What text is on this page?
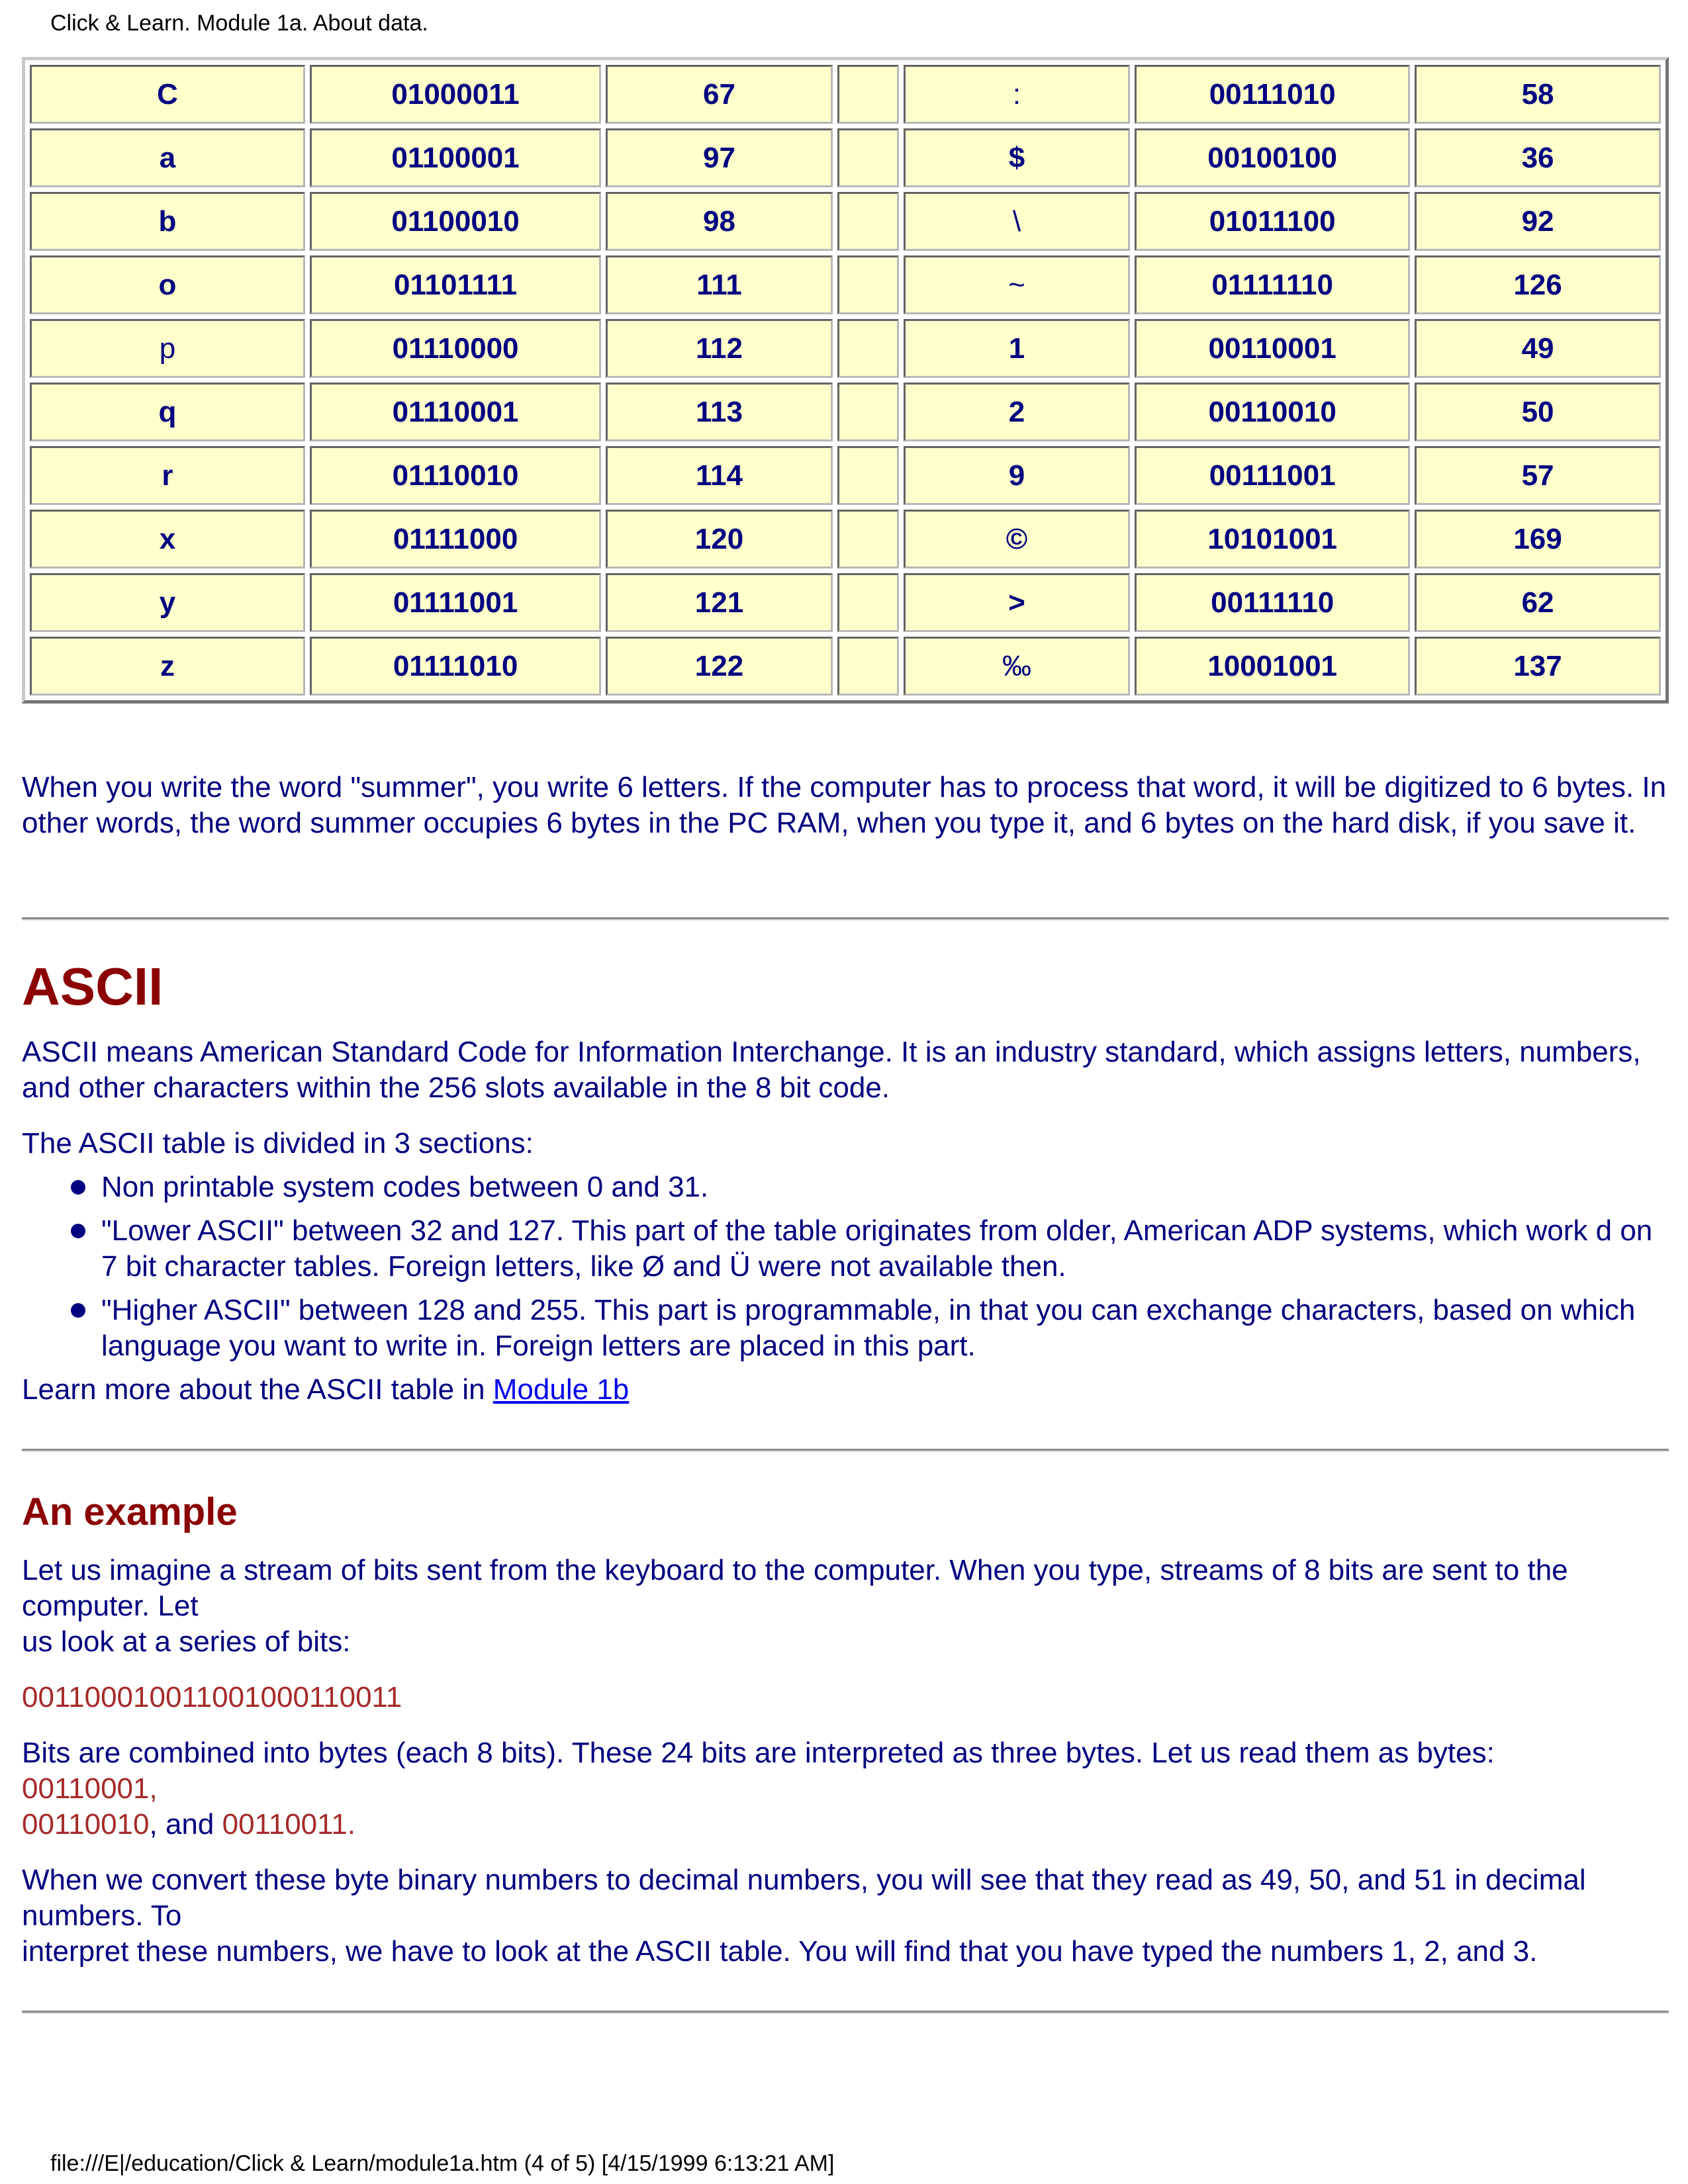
Click & Learn. Module 1a. About data.
C	01000011	67		:	00111010	58
a	01100001	97		$	00100100	36
b	01100010	98		\	01011100	92
o	01101111	111		~	01111110	126
p	01110000	112		1	00110001	49
q	01110001	113		2	00110010	50
r	01110010	114		9	00111001	57
x	01111000	120		©	10101001	169
y	01111001	121		>	00111110	62
z	01111010	122		‰	10001001	137

When you write the word "summer", you write 6 letters. If the computer has to process that word, it will be digitized to 6 bytes. In other words, the word summer occupies 6 bytes in the PC RAM, when you type it, and 6 bytes on the hard disk, if you save it.

ASCII

ASCII means American Standard Code for Information Interchange. It is an industry standard, which assigns letters, numbers, and other characters within the 256 slots available in the 8 bit code.

The ASCII table is divided in 3 sections:

Non printable system codes between 0 and 31.
"Lower ASCII" between 32 and 127. This part of the table originates from older, American ADP systems, which work d on 7 bit character tables. Foreign letters, like Ø and Ü were not available then.
"Higher ASCII" between 128 and 255. This part is programmable, in that you can exchange characters, based on which language you want to write in. Foreign letters are placed in this part.

Learn more about the ASCII table in Module 1b

An example

Let us imagine a stream of bits sent from the keyboard to the computer. When you type, streams of 8 bits are sent to the computer. Let
us look at a series of bits:

001100010011001000110011

Bits are combined into bytes (each 8 bits). These 24 bits are interpreted as three bytes. Let us read them as bytes:
00110001,
00110010, and 00110011.

When we convert these byte binary numbers to decimal numbers, you will see that they read as 49, 50, and 51 in decimal numbers. To
interpret these numbers, we have to look at the ASCII table. You will find that you have typed the numbers 1, 2, and 3.

file:///E|/education/Click & Learn/module1a.htm (4 of 5) [4/15/1999 6:13:21 AM]
